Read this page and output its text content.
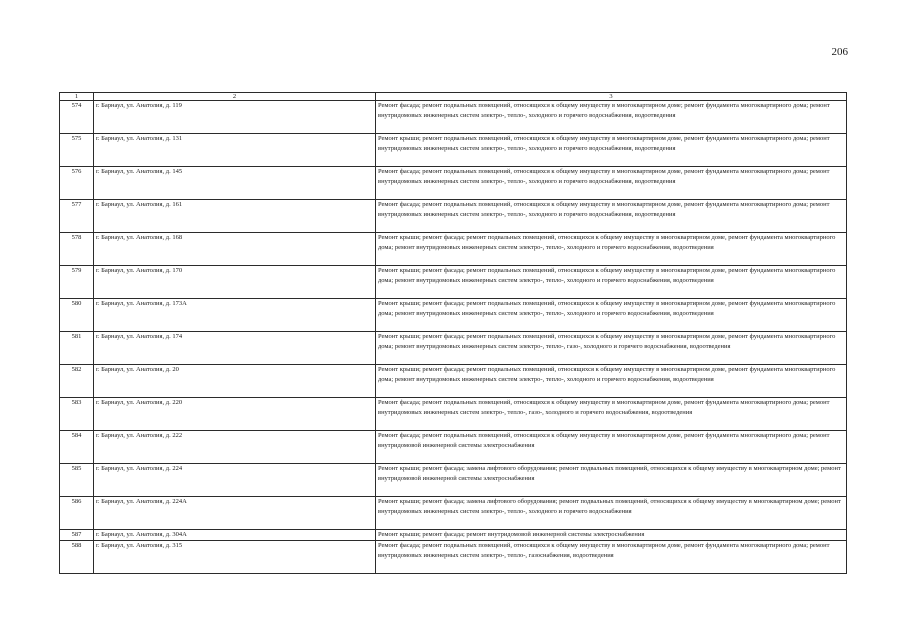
206
1	2	3
574	г. Барнаул, ул. Анатолия, д. 119	Ремонт фасада; ремонт подвальных помещений, относящихся к общему имуществу в многоквартирном доме; ремонт фундамента многоквартирного дома; ремонт внутридомовых инженерных систем электро-, тепло-, холодного и горячего водоснабжения, водоотведения
575	г. Барнаул, ул. Анатолия, д. 131	Ремонт крыши; ремонт подвальных помещений, относящихся к общему имуществу в многоквартирном доме, ремонт фундамента многоквартирного дома; ремонт внутридомовых инженерных систем электро-, тепло-, холодного и горячего водоснабжения, водоотведения
576	г. Барнаул, ул. Анатолия, д. 145	Ремонт фасада; ремонт подвальных помещений, относящихся к общему имуществу в многоквартирном доме, ремонт фундамента многоквартирного дома; ремонт внутридомовых инженерных систем электро-, тепло-, холодного и горячего водоснабжения, водоотведения
577	г. Барнаул, ул. Анатолия, д. 161	Ремонт фасада; ремонт подвальных помещений, относящихся к общему имуществу в многоквартирном доме, ремонт фундамента многоквартирного дома; ремонт внутридомовых инженерных систем электро-, тепло-, холодного и горячего водоснабжения, водоотведения
578	г. Барнаул, ул. Анатолия, д. 168	Ремонт крыши; ремонт фасада; ремонт подвальных помещений, относящихся к общему имуществу в многоквартирном доме, ремонт фундамента многоквартирного дома; ремонт внутридомовых инженерных систем электро-, тепло-, холодного и горячего водоснабжения, водоотведения
579	г. Барнаул, ул. Анатолия, д. 170	Ремонт крыши; ремонт фасада; ремонт подвальных помещений, относящихся к общему имуществу в многоквартирном доме, ремонт фундамента многоквартирного дома; ремонт внутридомовых инженерных систем электро-, тепло-, холодного и горячего водоснабжения, водоотведения
580	г. Барнаул, ул. Анатолия, д. 173А	Ремонт крыши; ремонт фасада; ремонт подвальных помещений, относящихся к общему имуществу в многоквартирном доме, ремонт фундамента многоквартирного дома; ремонт внутридомовых инженерных систем электро-, тепло-, холодного и горячего водоснабжения, водоотведения
581	г. Барнаул, ул. Анатолия, д. 174	Ремонт крыши; ремонт фасада; ремонт подвальных помещений, относящихся к общему имуществу в многоквартирном доме, ремонт фундамента многоквартирного дома; ремонт внутридомовых инженерных систем электро-, тепло-, газо-, холодного и горячего водоснабжения, водоотведения
582	г. Барнаул, ул. Анатолия, д. 20	Ремонт крыши; ремонт фасада; ремонт подвальных помещений, относящихся к общему имуществу в многоквартирном доме, ремонт фундамента многоквартирного дома; ремонт внутридомовых инженерных систем электро-, тепло-, холодного и горячего водоснабжения, водоотведения
583	г. Барнаул, ул. Анатолия, д. 220	Ремонт фасада; ремонт подвальных помещений, относящихся к общему имуществу в многоквартирном доме, ремонт фундамента многоквартирного дома; ремонт внутридомовых инженерных систем электро-, тепло-, газо-, холодного и горячего водоснабжения, водоотведения
584	г. Барнаул, ул. Анатолия, д. 222	Ремонт фасада; ремонт подвальных помещений, относящихся к общему имуществу в многоквартирном доме, ремонт фундамента многоквартирного дома; ремонт внутридомовой инженерной системы электроснабжения
585	г. Барнаул, ул. Анатолия, д. 224	Ремонт крыши; ремонт фасада; замена лифтового оборудования; ремонт подвальных помещений, относящихся к общему имуществу в многоквартирном доме; ремонт внутридомовой инженерной системы электроснабжения
586	г. Барнаул, ул. Анатолия, д. 224А	Ремонт крыши; ремонт фасада; замена лифтового оборудования; ремонт подвальных помещений, относящихся к общему имуществу в многоквартирном доме; ремонт внутридомовых инженерных систем электро-, тепло-, холодного и горячего водоснабжения
587	г. Барнаул, ул. Анатолия, д. 304А	Ремонт крыши; ремонт фасада; ремонт внутридомовой инженерной системы электроснабжения
588	г. Барнаул, ул. Анатолия, д. 315	Ремонт фасада; ремонт подвальных помещений, относящихся к общему имуществу в многоквартирном доме, ремонт фундамента многоквартирного дома; ремонт внутридомовых инженерных систем электро-, тепло-, газоснабжения, водоотведения
